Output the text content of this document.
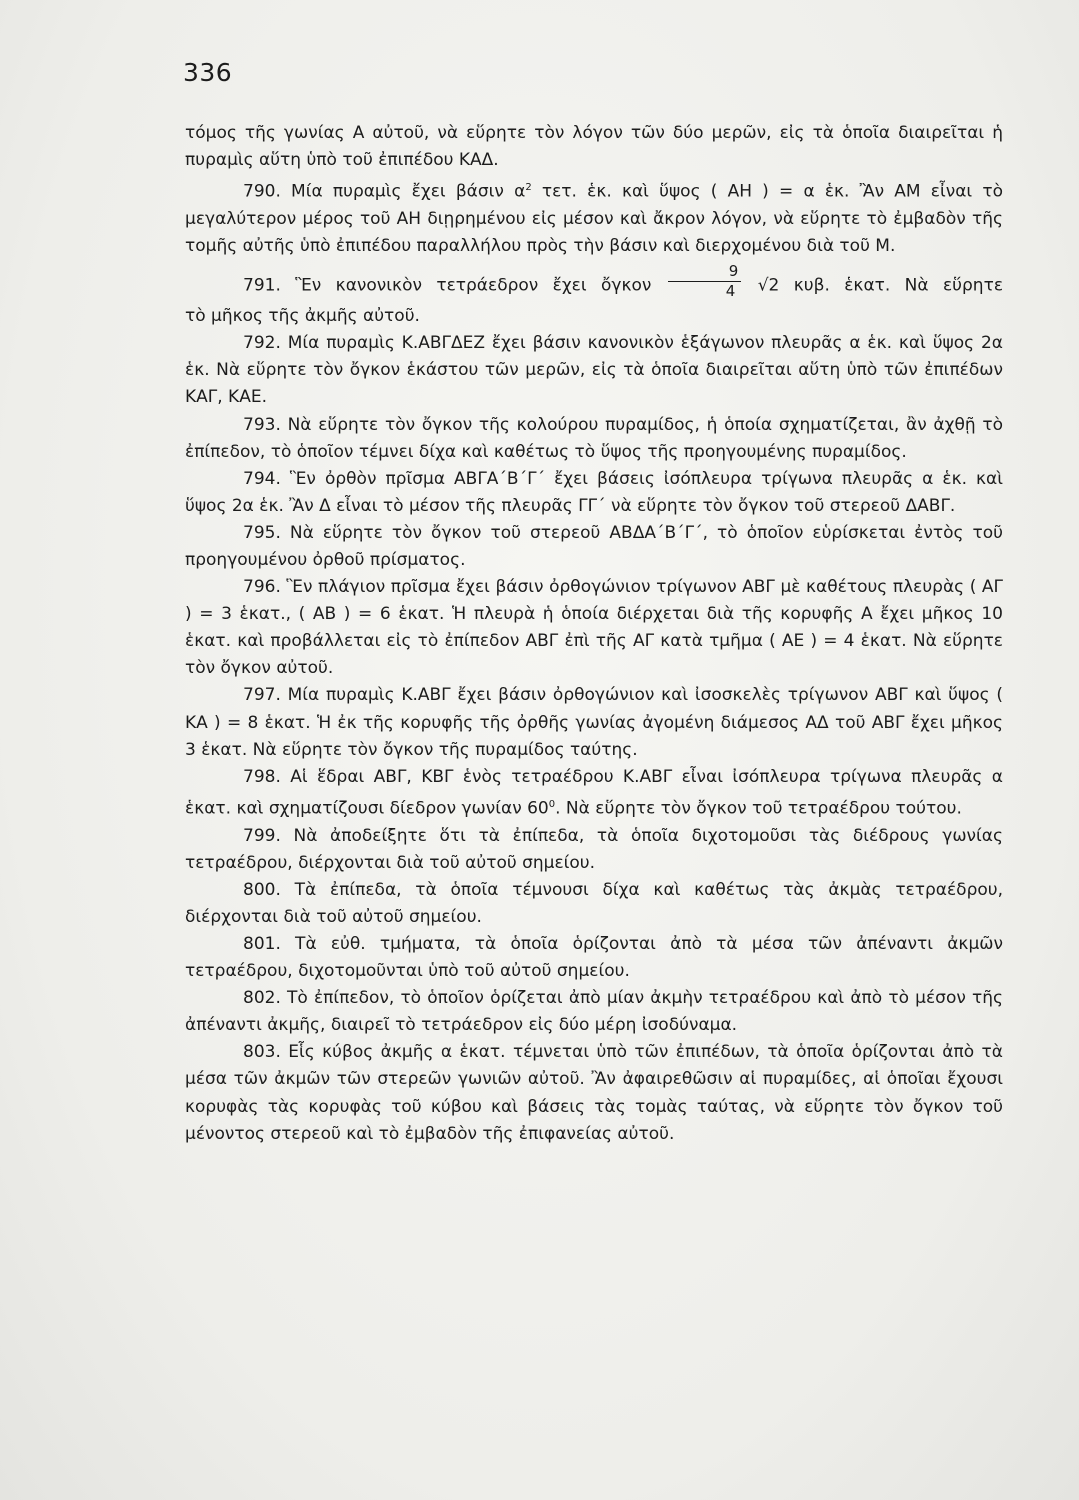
336

τόμος τῆς γωνίας Α αὐτοῦ, νὰ εὕρητε τὸν λόγον τῶν δύο μερῶν, εἰς τὰ ὁποῖα διαιρεῖται ἡ πυραμὶς αὕτη ὑπὸ τοῦ ἐπιπέδου ΚΑΔ.

790. Μία πυραμὶς ἔχει βάσιν $\alpha^2$ τετ. ἑκ. καὶ ὕψος ( ΑΗ ) = α ἑκ. Ἂν ΑΜ εἶναι τὸ μεγαλύτερον μέρος τοῦ ΑΗ διῃρημένου εἰς μέσον καὶ ἄκρον λόγον, νὰ εὕρητε τὸ ἐμβαδὸν τῆς τομῆς αὐτῆς ὑπὸ ἐπιπέδου παραλλήλου πρὸς τὴν βάσιν καὶ διερχομένου διὰ τοῦ Μ.

791. Ἓν κανονικὸν τετράεδρον ἔχει ὄγκον $\frac{9}{4} √2$ κυβ. ἑκατ. Νὰ εὕρητε

τὸ μῆκος τῆς ἀκμῆς αὐτοῦ.

792. Μία πυραμὶς Κ.ΑΒΓΔΕΖ ἔχει βάσιν κανονικὸν ἑξάγωνον πλευρᾶς α ἑκ. καὶ ὕψος 2α ἑκ. Νὰ εὕρητε τὸν ὄγκον ἑκάστου τῶν μερῶν, εἰς τὰ ὁποῖα διαιρεῖται αὕτη ὑπὸ τῶν ἐπιπέδων ΚΑΓ, ΚΑΕ.

793. Νὰ εὕρητε τὸν ὄγκον τῆς κολούρου πυραμίδος, ἡ ὁποία σχηματίζεται, ἂν ἀχθῇ τὸ ἐπίπεδον, τὸ ὁποῖον τέμνει δίχα καὶ καθέτως τὸ ὕψος τῆς προηγουμένης πυραμίδος.

794. Ἓν ὀρθὸν πρῖσμα ΑΒΓΑ΄Β΄Γ΄ ἔχει βάσεις ἰσόπλευρα τρίγωνα πλευρᾶς α ἑκ. καὶ ὕψος 2α ἑκ. Ἂν Δ εἶναι τὸ μέσον τῆς πλευρᾶς ΓΓ΄ νὰ εὕρητε τὸν ὄγκον τοῦ στερεοῦ ΔΑΒΓ.

795. Νὰ εὕρητε τὸν ὄγκον τοῦ στερεοῦ ΑΒΔΑ΄Β΄Γ΄, τὸ ὁποῖον εὑρίσκεται ἐντὸς τοῦ προηγουμένου ὀρθοῦ πρίσματος.

796. Ἓν πλάγιον πρῖσμα ἔχει βάσιν ὀρθογώνιον τρίγωνον ΑΒΓ μὲ καθέτους πλευρὰς ( ΑΓ ) = 3 ἑκατ., ( ΑΒ ) = 6 ἑκατ. Ἡ πλευρὰ ἡ ὁποία διέρχεται διὰ τῆς κορυφῆς Α ἔχει μῆκος 10 ἑκατ. καὶ προβάλλεται εἰς τὸ ἐπίπεδον ΑΒΓ ἐπὶ τῆς ΑΓ κατὰ τμῆμα ( ΑΕ ) = 4 ἑκατ. Νὰ εὕρητε τὸν ὄγκον αὐτοῦ.

797. Μία πυραμὶς Κ.ΑΒΓ ἔχει βάσιν ὀρθογώνιον καὶ ἰσοσκελὲς τρίγωνον ΑΒΓ καὶ ὕψος ( ΚΑ ) = 8 ἑκατ. Ἡ ἐκ τῆς κορυφῆς τῆς ὀρθῆς γωνίας ἀγομένη διάμεσος ΑΔ τοῦ ΑΒΓ ἔχει μῆκος 3 ἑκατ. Νὰ εὕρητε τὸν ὄγκον τῆς πυραμίδος ταύτης.

798. Αἱ ἕδραι ΑΒΓ, ΚΒΓ ἑνὸς τετραέδρου Κ.ΑΒΓ εἶναι ἰσόπλευρα τρίγωνα πλευρᾶς α ἑκατ. καὶ σχηματίζουσι δίεδρον γωνίαν $60^0$. Νὰ εὕρητε τὸν ὄγκον τοῦ τετραέδρου τούτου.

799. Νὰ ἀποδείξητε ὅτι τὰ ἐπίπεδα, τὰ ὁποῖα διχοτομοῦσι τὰς διέδρους γωνίας τετραέδρου, διέρχονται διὰ τοῦ αὐτοῦ σημείου.

800. Τὰ ἐπίπεδα, τὰ ὁποῖα τέμνουσι δίχα καὶ καθέτως τὰς ἀκμὰς τετραέδρου, διέρχονται διὰ τοῦ αὐτοῦ σημείου.

801. Τὰ εὐθ. τμήματα, τὰ ὁποῖα ὁρίζονται ἀπὸ τὰ μέσα τῶν ἀπέναντι ἀκμῶν τετραέδρου, διχοτομοῦνται ὑπὸ τοῦ αὐτοῦ σημείου.

802. Τὸ ἐπίπεδον, τὸ ὁποῖον ὁρίζεται ἀπὸ μίαν ἀκμὴν τετραέδρου καὶ ἀπὸ τὸ μέσον τῆς ἀπέναντι ἀκμῆς, διαιρεῖ τὸ τετράεδρον εἰς δύο μέρη ἰσοδύναμα.

803. Εἷς κύβος ἀκμῆς α ἑκατ. τέμνεται ὑπὸ τῶν ἐπιπέδων, τὰ ὁποῖα ὁρίζονται ἀπὸ τὰ μέσα τῶν ἀκμῶν τῶν στερεῶν γωνιῶν αὐτοῦ. Ἂν ἀφαιρεθῶσιν αἱ πυραμίδες, αἱ ὁποῖαι ἔχουσι κορυφὰς τὰς κορυφὰς τοῦ κύβου καὶ βάσεις τὰς τομὰς ταύτας, νὰ εὕρητε τὸν ὄγκον τοῦ μένοντος στερεοῦ καὶ τὸ ἐμβαδὸν τῆς ἐπιφανείας αὐτοῦ.
